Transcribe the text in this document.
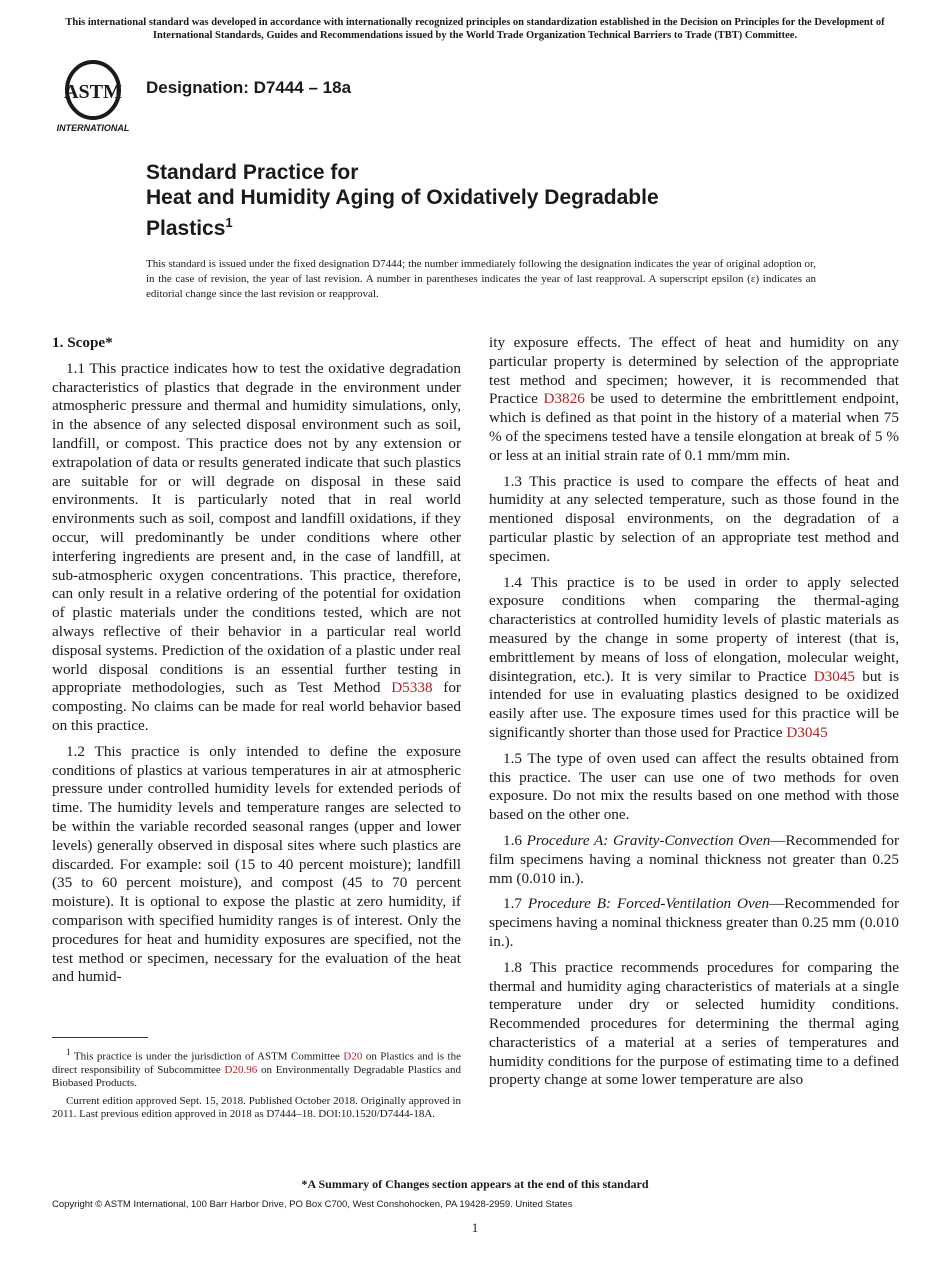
This international standard was developed in accordance with internationally recognized principles on standardization established in the Decision on Principles for the Development of International Standards, Guides and Recommendations issued by the World Trade Organization Technical Barriers to Trade (TBT) Committee.
ASTM
INTERNATIONAL
Designation: D7444 – 18a
Standard Practice for
Heat and Humidity Aging of Oxidatively Degradable
Plastics$^1$
This standard is issued under the fixed designation D7444; the number immediately following the designation indicates the year of original adoption or, in the case of revision, the year of last revision. A number in parentheses indicates the year of last reapproval. A superscript epsilon (ε) indicates an editorial change since the last revision or reapproval.

1. Scope*

1.1 This practice indicates how to test the oxidative degradation characteristics of plastics that degrade in the environment under atmospheric pressure and thermal and humidity simulations, only, in the absence of any selected disposal environment such as soil, landfill, or compost. This practice does not by any extension or extrapolation of data or results generated indicate that such plastics are suitable for or will degrade on disposal in these said environments. It is particularly noted that in real world environments such as soil, compost and landfill oxidations, if they occur, will predominantly be under conditions where other interfering ingredients are present and, in the case of landfill, at sub-atmospheric oxygen concentrations. This practice, therefore, can only result in a relative ordering of the potential for oxidation of plastic materials under the conditions tested, which are not always reflective of their behavior in a particular real world disposal systems. Prediction of the oxidation of a plastic under real world disposal conditions is an essential further testing in appropriate methodologies, such as Test Method D5338 for composting. No claims can be made for real world behavior based on this practice.

1.2 This practice is only intended to define the exposure conditions of plastics at various temperatures in air at atmospheric pressure under controlled humidity levels for extended periods of time. The humidity levels and temperature ranges are selected to be within the variable recorded seasonal ranges (upper and lower levels) generally observed in disposal sites where such plastics are discarded. For example: soil (15 to 40 percent moisture); landfill (35 to 60 percent moisture), and compost (45 to 70 percent moisture). It is optional to expose the plastic at zero humidity, if comparison with specified humidity ranges is of interest. Only the procedures for heat and humidity exposures are specified, not the test method or specimen, necessary for the evaluation of the heat and humid-

ity exposure effects. The effect of heat and humidity on any particular property is determined by selection of the appropriate test method and specimen; however, it is recommended that Practice D3826 be used to determine the embrittlement endpoint, which is defined as that point in the history of a material when 75 % of the specimens tested have a tensile elongation at break of 5 % or less at an initial strain rate of 0.1 mm/mm min.

1.3 This practice is used to compare the effects of heat and humidity at any selected temperature, such as those found in the mentioned disposal environments, on the degradation of a particular plastic by selection of an appropriate test method and specimen.

1.4 This practice is to be used in order to apply selected exposure conditions when comparing the thermal-aging characteristics at controlled humidity levels of plastic materials as measured by the change in some property of interest (that is, embrittlement by means of loss of elongation, molecular weight, disintegration, etc.). It is very similar to Practice D3045 but is intended for use in evaluating plastics designed to be oxidized easily after use. The exposure times used for this practice will be significantly shorter than those used for Practice D3045

1.5 The type of oven used can affect the results obtained from this practice. The user can use one of two methods for oven exposure. Do not mix the results based on one method with those based on the other one.

1.6 Procedure A: Gravity-Convection Oven—Recommended for film specimens having a nominal thickness not greater than 0.25 mm (0.010 in.).

1.7 Procedure B: Forced-Ventilation Oven—Recommended for specimens having a nominal thickness greater than 0.25 mm (0.010 in.).

1.8 This practice recommends procedures for comparing the thermal and humidity aging characteristics of materials at a single temperature under dry or selected humidity conditions. Recommended procedures for determining the thermal aging characteristics of a material at a series of temperatures and humidity conditions for the purpose of estimating time to a defined property change at some lower temperature are also

$^1$ This practice is under the jurisdiction of ASTM Committee D20 on Plastics and is the direct responsibility of Subcommittee D20.96 on Environmentally Degradable Plastics and Biobased Products.

Current edition approved Sept. 15, 2018. Published October 2018. Originally approved in 2011. Last previous edition approved in 2018 as D7444–18. DOI:10.1520/D7444-18A.

*A Summary of Changes section appears at the end of this standard
Copyright © ASTM International, 100 Barr Harbor Drive, PO Box C700, West Conshohocken, PA 19428-2959. United States
1
